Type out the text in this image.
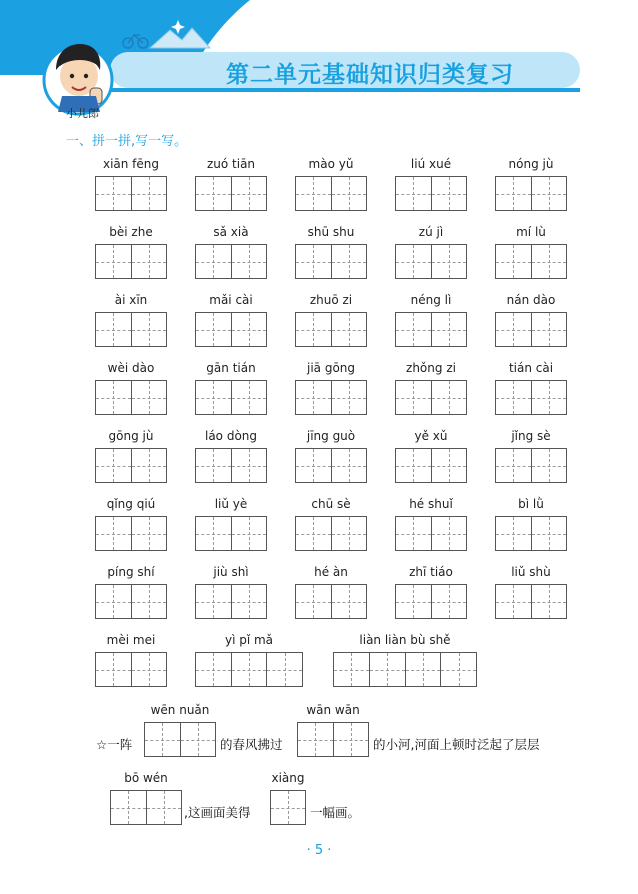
第二单元基础知识归类复习
小儿郎
一、拼一拼,写一写。
xiān fēng	zuó tiān	mào yǔ	liú xué	nóng jù
bèi zhe	sǎ xià	shū shu	zú jì	mí lù
ài xīn	mǎi cài	zhuō zi	néng lì	nán dào
wèi dào	gān tián	jiā gōng	zhǒng zi	tián cài
gōng jù	láo dòng	jīng guò	yě xǔ	jǐng sè
qǐng qiú	liǔ yè	chū sè	hé shuǐ	bì lǜ
píng shí	jiù shì	hé àn	zhī tiáo	liǔ shù
mèi mei	yì pǐ mǎ	liàn liàn bù shě
☆一阵
wēn nuǎn
的春风拂过
wān wān
的小河,河面上顿时泛起了层层
bō wén
,这画面美得
xiàng
一幅画。
· 5 ·
